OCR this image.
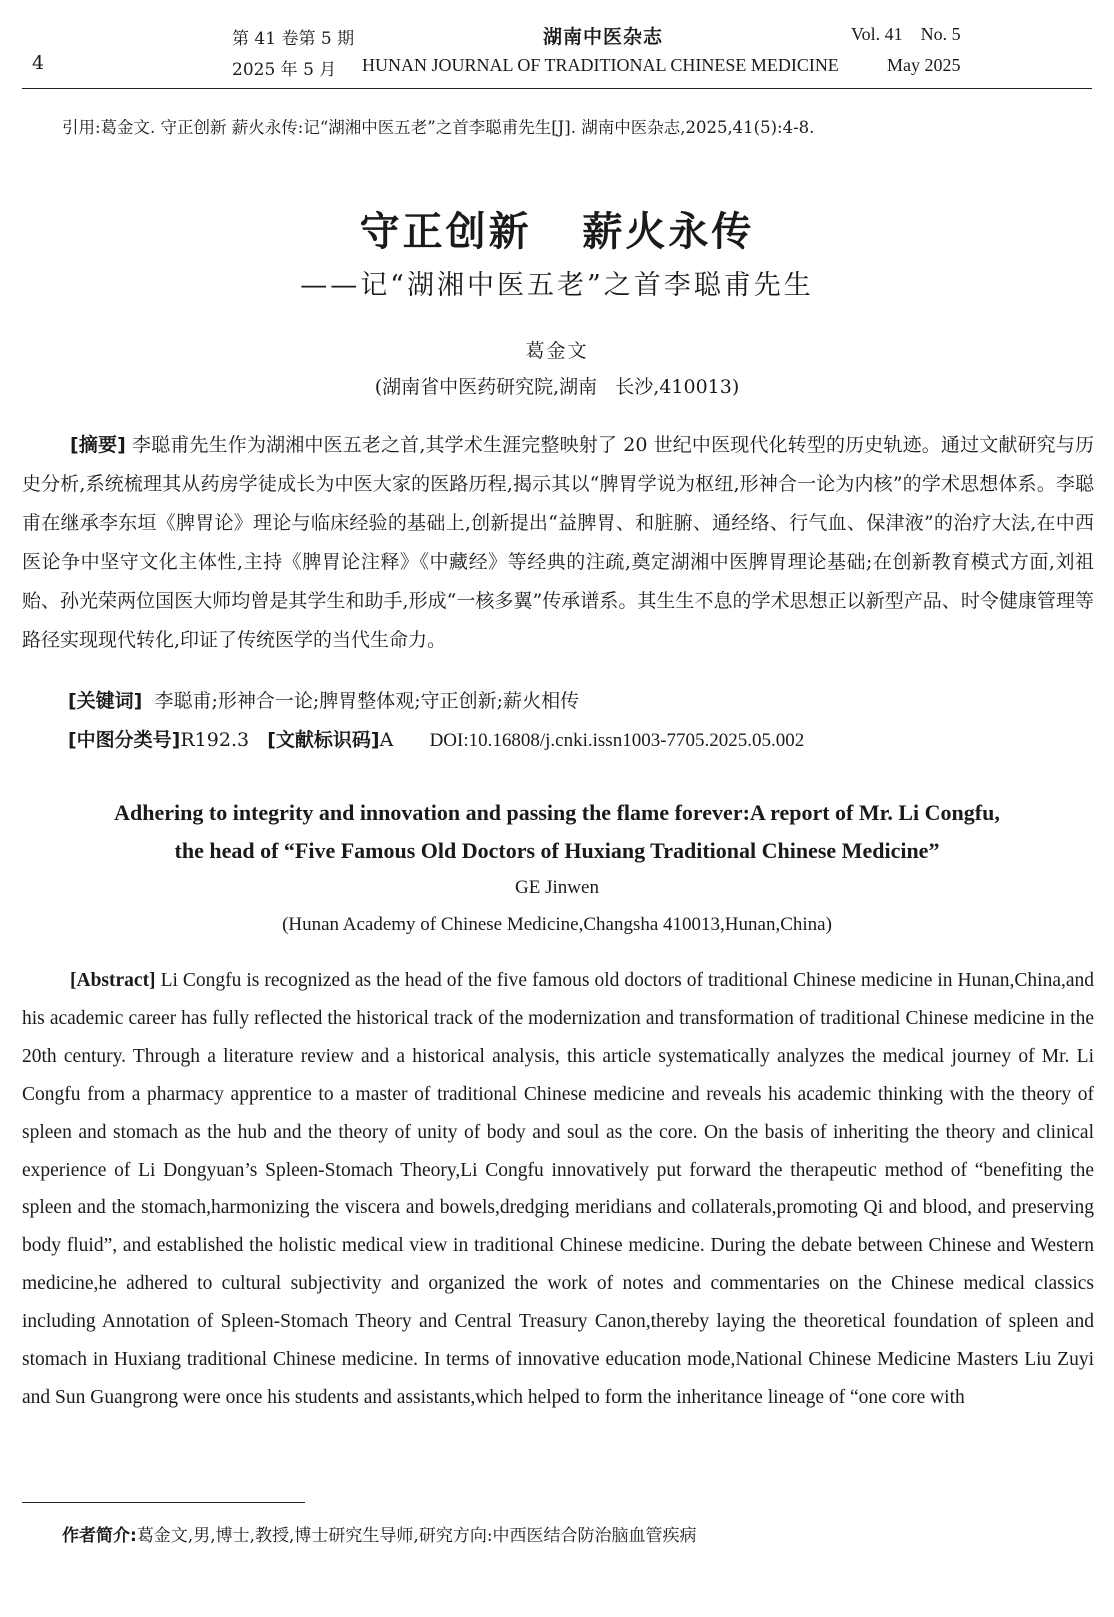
4
第 41 卷第 5 期
2025 年 5 月
湖南中医杂志
HUNAN JOURNAL OF TRADITIONAL CHINESE MEDICINE
Vol. 41    No. 5
May 2025
引用:葛金文. 守正创新 薪火永传:记“湖湘中医五老”之首李聪甫先生[J]. 湖南中医杂志,2025,41(5):4-8.
守正创新   薪火永传
——记“湖湘中医五老”之首李聪甫先生
葛金文
(湖南省中医药研究院,湖南   长沙,410013)

[摘要] 李聪甫先生作为湖湘中医五老之首,其学术生涯完整映射了 20 世纪中医现代化转型的历史轨迹。通过文献研究与历史分析,系统梳理其从药房学徒成长为中医大家的医路历程,揭示其以“脾胃学说为枢纽,形神合一论为内核”的学术思想体系。李聪甫在继承李东垣《脾胃论》理论与临床经验的基础上,创新提出“益脾胃、和脏腑、通经络、行气血、保津液”的治疗大法,在中西医论争中坚守文化主体性,主持《脾胃论注释》《中藏经》等经典的注疏,奠定湖湘中医脾胃理论基础;在创新教育模式方面,刘祖贻、孙光荣两位国医大师均曾是其学生和助手,形成“一核多翼”传承谱系。其生生不息的学术思想正以新型产品、时令健康管理等路径实现现代转化,印证了传统医学的当代生命力。

[关键词] 李聪甫;形神合一论;脾胃整体观;守正创新;薪火相传
[中图分类号]R192.3 [文献标识码]A DOI:10.16808/j.cnki.issn1003-7705.2025.05.002
Adhering to integrity and innovation and passing the flame forever:A report of Mr. Li Congfu,
the head of “Five Famous Old Doctors of Huxiang Traditional Chinese Medicine”
GE Jinwen
(Hunan Academy of Chinese Medicine,Changsha 410013,Hunan,China)

[Abstract] Li Congfu is recognized as the head of the five famous old doctors of traditional Chinese medicine in Hunan,China,and his academic career has fully reflected the historical track of the modernization and transformation of traditional Chinese medicine in the 20th century. Through a literature review and a historical analysis, this article systematically analyzes the medical journey of Mr. Li Congfu from a pharmacy apprentice to a master of traditional Chinese medicine and reveals his academic thinking with the theory of spleen and stomach as the hub and the theory of unity of body and soul as the core. On the basis of inheriting the theory and clinical experience of Li Dongyuan’s Spleen-Stomach Theory,Li Congfu innovatively put forward the therapeutic method of “benefiting the spleen and the stomach,harmonizing the viscera and bowels,dredging meridians and collaterals,promoting Qi and blood, and preserving body fluid”, and established the holistic medical view in traditional Chinese medicine. During the debate between Chinese and Western medicine,he adhered to cultural subjectivity and organized the work of notes and commentaries on the Chinese medical classics including Annotation of Spleen-Stomach Theory and Central Treasury Canon,thereby laying the theoretical foundation of spleen and stomach in Huxiang traditional Chinese medicine. In terms of innovative education mode,National Chinese Medicine Masters Liu Zuyi and Sun Guangrong were once his students and assistants,which helped to form the inheritance lineage of “one core with

作者简介:葛金文,男,博士,教授,博士研究生导师,研究方向:中西医结合防治脑血管疾病
